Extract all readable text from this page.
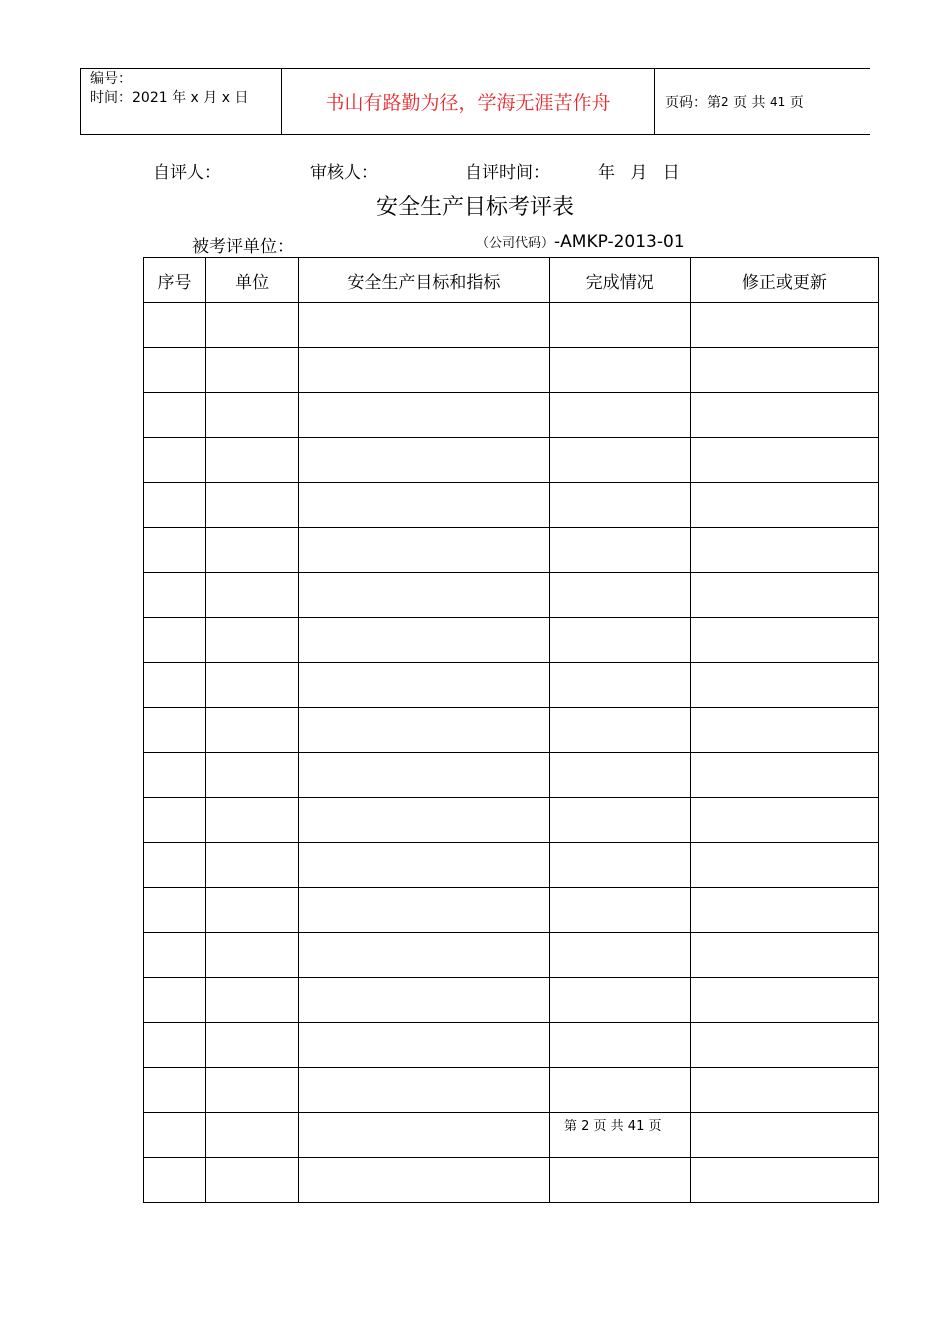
编号：
时间：2021 年 x 月 x 日	书山有路勤为径，学海无涯苦作舟	页码：第 2
页 共
41
页
自评人：	审核人：	自评时间：	年 月 日
安全生产目标考评表
被考评单位：	（公司代码）-AMKP-2013-01
序号	单位	安全生产目标和指标	完成情况	修正或更新

第 2 页 共 41 页
